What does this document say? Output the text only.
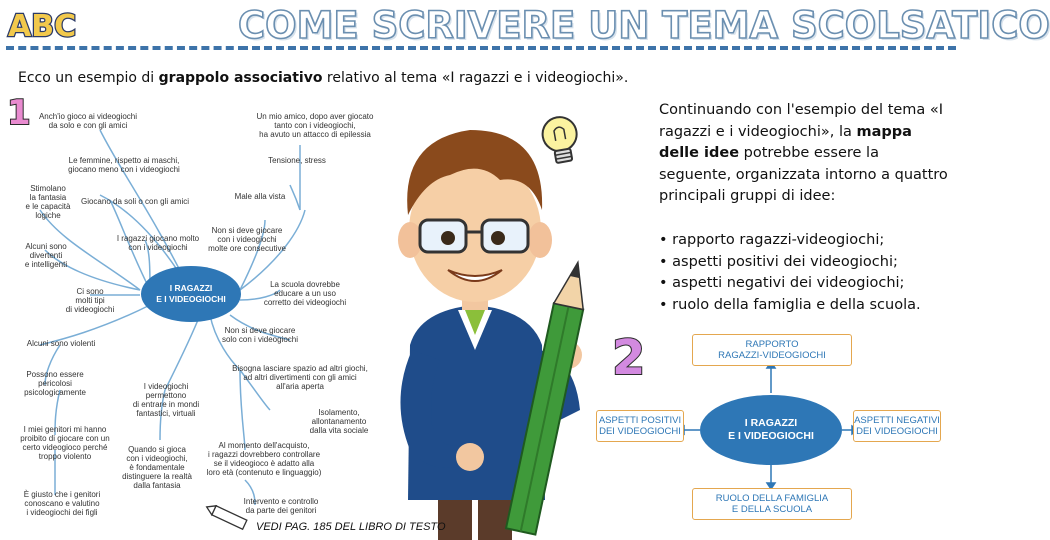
ABC	COME SCRIVERE UN TEMA SCOLSATICO
Ecco un esempio di grappolo associativo relativo al tema «I ragazzi e i videogiochi».
1
2
I RAGAZZI
E I VIDEOGIOCHI
Anch'io gioco ai videogiochi
da solo e con gli amici
Le femmine, rispetto ai maschi,
giocano meno con i videogiochi
Stimolano
la fantasia
e le capacità
logiche
Giocano da soli o con gli amici
I ragazzi giocano molto
con i videogiochi
Alcuni sono
divertenti
e intelligenti
Ci sono
molti tipi
di videogiochi
Alcuni sono violenti
Possono essere
pericolosi
psicologicamente
I miei genitori mi hanno
proibito di giocare con un
certo videogioco perché
troppo violento
È giusto che i genitori
conoscano e valutino
i videogiochi dei figli
Un mio amico, dopo aver giocato
tanto con i videogiochi,
ha avuto un attacco di epilessia
Tensione, stress
Male alla vista
Non si deve giocare
con i videogiochi
molte ore consecutive
La scuola dovrebbe
educare a un uso
corretto dei videogiochi
Non si deve giocare
solo con i videogiochi
I videogiochi
permettono
di entrare in mondi
fantastici, virtuali
Bisogna lasciare spazio ad altri giochi,
ad altri divertimenti con gli amici
all'aria aperta
Isolamento,
allontanamento
dalla vita sociale
Quando si gioca
con i videogiochi,
è fondamentale
distinguere la realtà
dalla fantasia
Al momento dell'acquisto,
i ragazzi dovrebbero controllare
se il videogioco è adatto alla
loro età (contenuto e linguaggio)
Intervento e controllo
da parte dei genitori
Continuando con l'esempio del tema «I ragazzi e i videogiochi», la mappa delle idee potrebbe essere la seguente, organizzata intorno a quattro principali gruppi di idee:
• rapporto ragazzi-videogiochi;
• aspetti positivi dei videogiochi;
• aspetti negativi dei videogiochi;
• ruolo della famiglia e della scuola.
I RAGAZZI
E I VIDEOGIOCHI
RAPPORTO
RAGAZZI-VIDEOGIOCHI
ASPETTI POSITIVI
DEI VIDEOGIOCHI
ASPETTI NEGATIVI
DEI VIDEOGIOCHI
RUOLO DELLA FAMIGLIA
E DELLA SCUOLA
VEDI PAG. 185 DEL LIBRO DI TESTO
